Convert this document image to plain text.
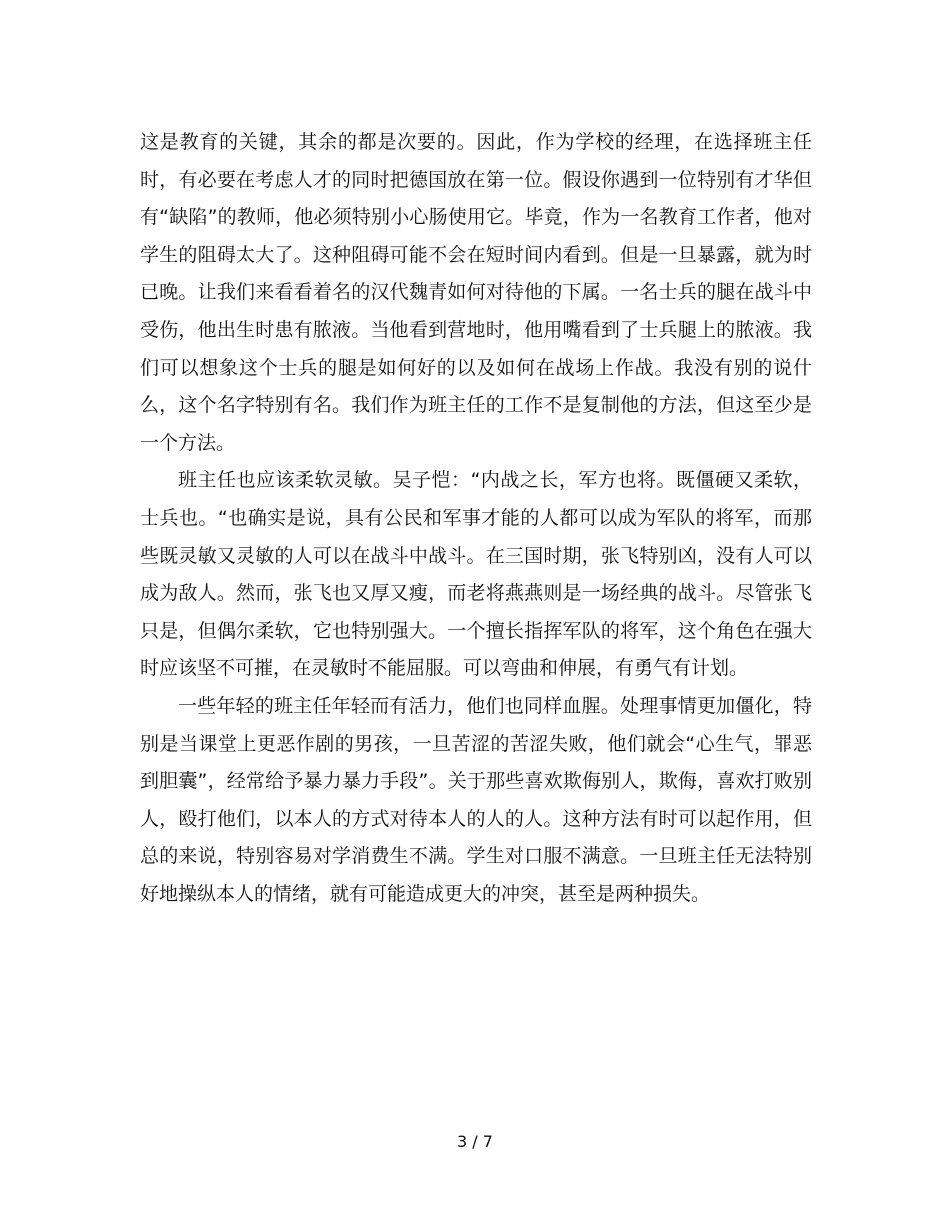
这是教育的关键，其余的都是次要的。因此，作为学校的经理，在选择班主任时，有必要在考虑人才的同时把德国放在第一位。假设你遇到一位特别有才华但有“缺陷”的教师，他必须特别小心肠使用它。毕竟，作为一名教育工作者，他对学生的阻碍太大了。这种阻碍可能不会在短时间内看到。但是一旦暴露，就为时已晚。让我们来看看着名的汉代魏青如何对待他的下属。一名士兵的腿在战斗中受伤，他出生时患有脓液。当他看到营地时，他用嘴看到了士兵腿上的脓液。我们可以想象这个士兵的腿是如何好的以及如何在战场上作战。我没有别的说什么，这个名字特别有名。我们作为班主任的工作不是复制他的方法，但这至少是一个方法。

班主任也应该柔软灵敏。吴子恺：“内战之长，军方也将。既僵硬又柔软，士兵也。“也确实是说，具有公民和军事才能的人都可以成为军队的将军，而那些既灵敏又灵敏的人可以在战斗中战斗。在三国时期，张飞特别凶，没有人可以成为敌人。然而，张飞也又厚又瘦，而老将燕燕则是一场经典的战斗。尽管张飞只是，但偶尔柔软，它也特别强大。一个擅长指挥军队的将军，这个角色在强大时应该坚不可摧，在灵敏时不能屈服。可以弯曲和伸展，有勇气有计划。

一些年轻的班主任年轻而有活力，他们也同样血腥。处理事情更加僵化，特别是当课堂上更恶作剧的男孩，一旦苦涩的苦涩失败，他们就会“心生气，罪恶到胆囊”，经常给予暴力暴力手段”。关于那些喜欢欺侮别人，欺侮，喜欢打败别人，殴打他们，以本人的方式对待本人的人的人。这种方法有时可以起作用，但总的来说，特别容易对学消费生不满。学生对口服不满意。一旦班主任无法特别好地操纵本人的情绪，就有可能造成更大的冲突，甚至是两种损失。

3 / 7
